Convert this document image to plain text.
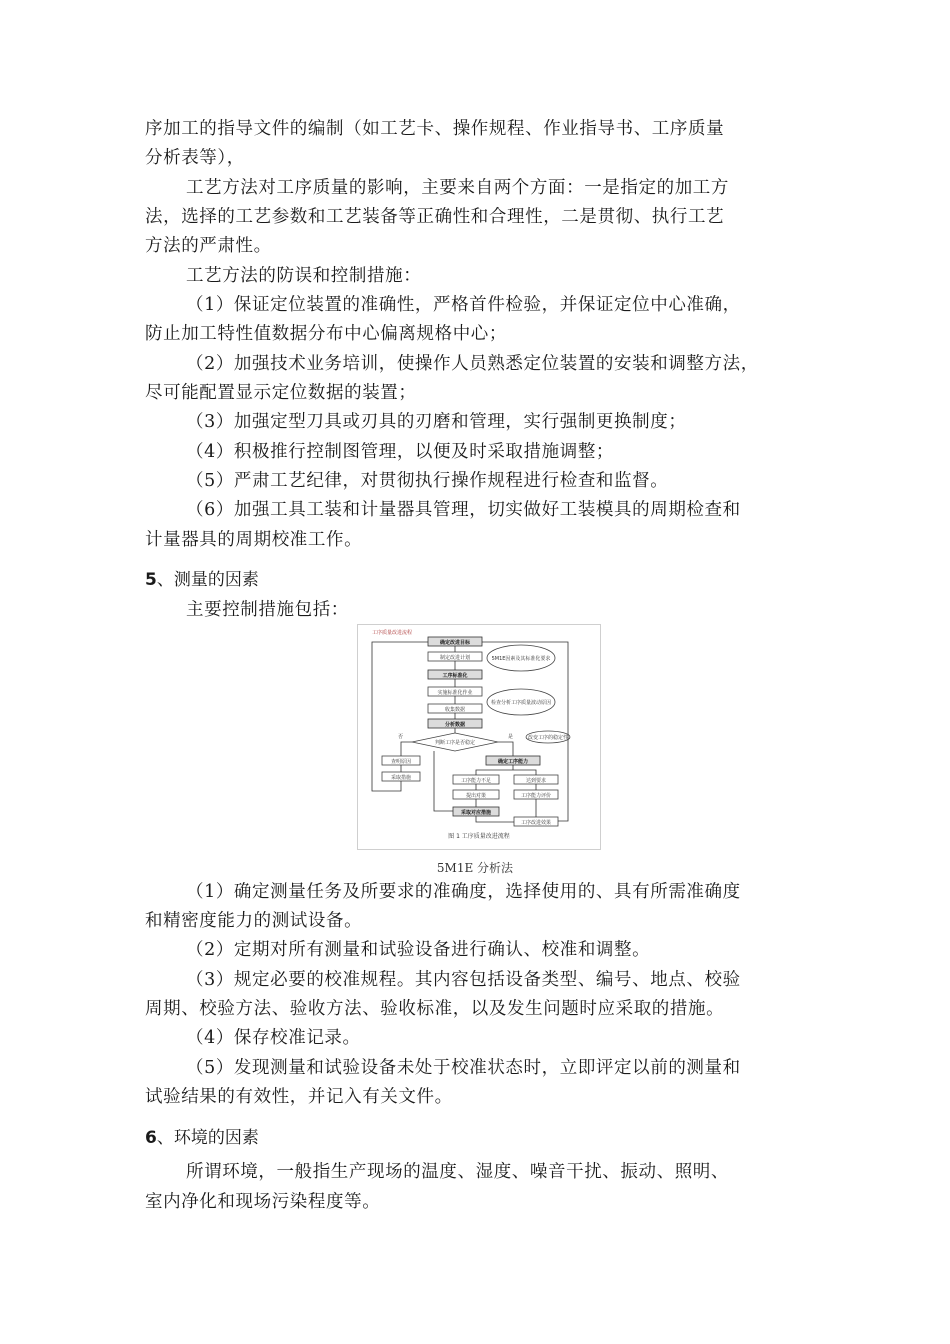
序加工的指导文件的编制（如工艺卡、操作规程、作业指导书、工序质量
分析表等），
工艺方法对工序质量的影响，主要来自两个方面：一是指定的加工方
法，选择的工艺参数和工艺装备等正确性和合理性，二是贯彻、执行工艺
方法的严肃性。
工艺方法的防误和控制措施：
（1）保证定位装置的准确性，严格首件检验，并保证定位中心准确，
防止加工特性值数据分布中心偏离规格中心；
（2）加强技术业务培训，使操作人员熟悉定位装置的安装和调整方法，
尽可能配置显示定位数据的装置；
（3）加强定型刀具或刃具的刃磨和管理，实行强制更换制度；
（4）积极推行控制图管理，以便及时采取措施调整；
（5）严肃工艺纪律，对贯彻执行操作规程进行检查和监督。
（6）加强工具工装和计量器具管理，切实做好工装模具的周期检查和
计量器具的周期校准工作。
5、测量的因素
主要控制措施包括：
工序质量改进流程
确定改进目标
制定改进计划
工序标准化
实施标准化作业
收集数据
分析数据
判断工序是否稳定
否	是
查明原因
采取措施
确定工序能力
工序能力不足
提出对策
采取对应措施
达到要求
工序能力评价
工序改进效果
5M1E因素及其标准化要求
检查分析工序质量波动原因
改变工序的稳定性
图 1 工序质量改进流程
5M1E 分析法
（1）确定测量任务及所要求的准确度，选择使用的、具有所需准确度
和精密度能力的测试设备。
（2）定期对所有测量和试验设备进行确认、校准和调整。
（3）规定必要的校准规程。其内容包括设备类型、编号、地点、校验
周期、校验方法、验收方法、验收标准，以及发生问题时应采取的措施。
（4）保存校准记录。
（5）发现测量和试验设备未处于校准状态时，立即评定以前的测量和
试验结果的有效性，并记入有关文件。
6、环境的因素
所谓环境，一般指生产现场的温度、湿度、噪音干扰、振动、照明、
室内净化和现场污染程度等。
